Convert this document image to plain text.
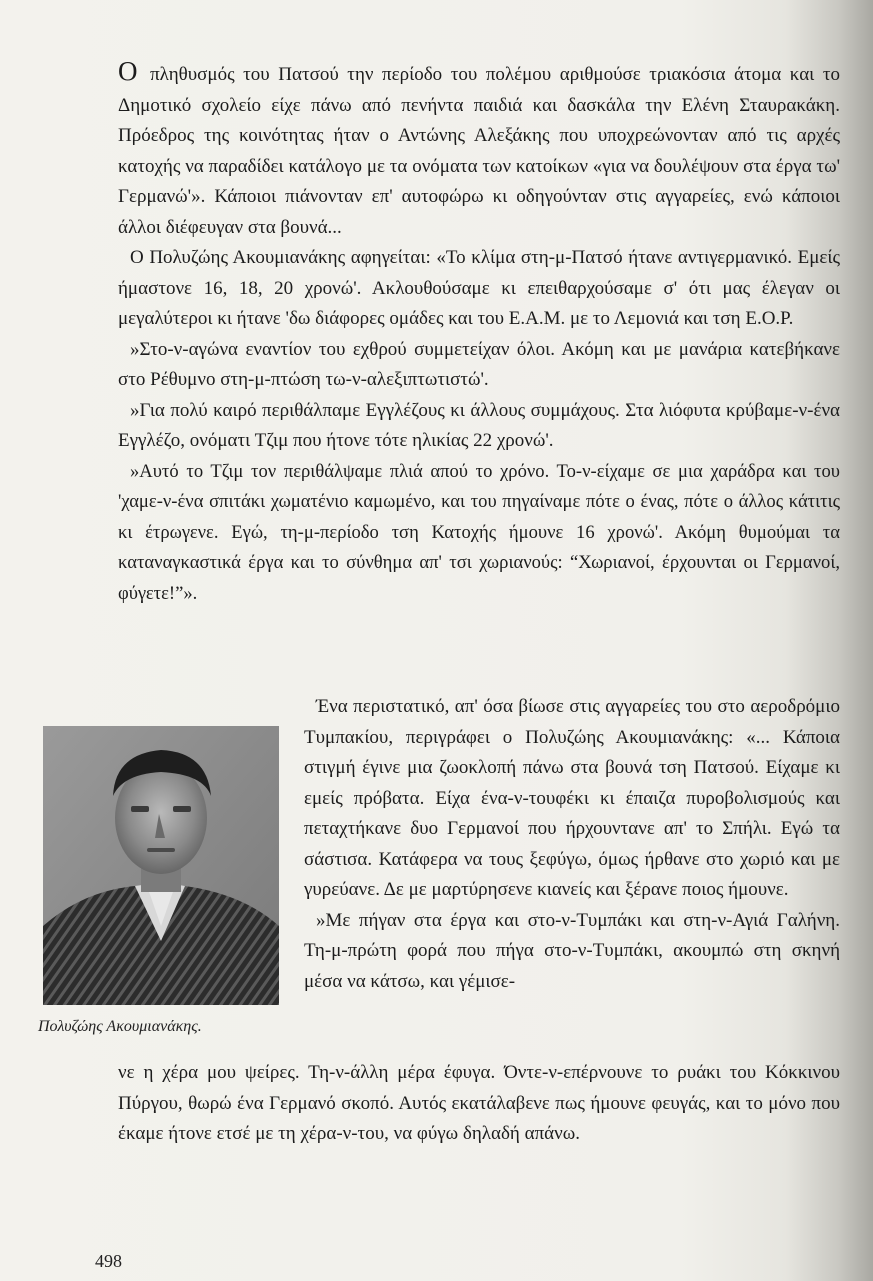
Ο πληθυσμός του Πατσού την περίοδο του πολέμου αριθμούσε τριακόσια άτομα και το Δημοτικό σχολείο είχε πάνω από πενήντα παιδιά και δασκάλα την Ελένη Σταυρακάκη. Πρόεδρος της κοινότητας ήταν ο Αντώνης Αλεξάκης που υποχρεώνονταν από τις αρχές κατοχής να παραδίδει κατάλογο με τα ονόματα των κατοίκων «για να δουλέψουν στα έργα τω' Γερμανώ'». Κάποιοι πιάνονταν επ' αυτοφώρω κι οδηγούνταν στις αγγαρείες, ενώ κάποιοι άλλοι διέφευγαν στα βουνά...

Ο Πολυζώης Ακουμιανάκης αφηγείται: «Το κλίμα στη-μ-Πατσό ήτανε αντιγερμανικό. Εμείς ήμαστονε 16, 18, 20 χρονώ'. Ακλουθούσαμε κι επειθαρχούσαμε σ' ότι μας έλεγαν οι μεγαλύτεροι κι ήτανε 'δω διάφορες ομάδες και του Ε.Α.Μ. με το Λεμονιά και τση Ε.Ο.Ρ.

»Στο-ν-αγώνα εναντίον του εχθρού συμμετείχαν όλοι. Ακόμη και με μανάρια κατεβήκανε στο Ρέθυμνο στη-μ-πτώση τω-ν-αλεξιπτωτιστώ'.

»Για πολύ καιρό περιθάλπαμε Εγγλέζους κι άλλους συμμάχους. Στα λιόφυτα κρύβαμε-ν-ένα Εγγλέζο, ονόματι Τζιμ που ήτονε τότε ηλικίας 22 χρονώ'.

»Αυτό το Τζιμ τον περιθάλψαμε πλιά απού το χρόνο. Το-ν-είχαμε σε μια χαράδρα και του 'χαμε-ν-ένα σπιτάκι χωματένιο καμωμένο, και του πηγαίναμε πότε ο ένας, πότε ο άλλος κάτιτις κι έτρωγενε. Εγώ, τη-μ-περίοδο τση Κατοχής ήμουνε 16 χρονώ'. Ακόμη θυμούμαι τα καταναγκαστικά έργα και το σύνθημα απ' τσι χωριανούς: “Χωριανοί, έρχουνται οι Γερμανοί, φύγετε!”».

Πολυζώης Ακουμιανάκης.

Ένα περιστατικό, απ' όσα βίωσε στις αγγαρείες του στο αεροδρόμιο Τυμπακίου, περιγράφει ο Πολυζώης Ακουμιανάκης: «... Κάποια στιγμή έγινε μια ζωοκλοπή πάνω στα βουνά τση Πατσού. Είχαμε κι εμείς πρόβατα. Είχα ένα-ν-τουφέκι κι έπαιζα πυροβολισμούς και πεταχτήκανε δυο Γερμανοί που ήρχουντανε απ' το Σπήλι. Εγώ τα σάστισα. Κατάφερα να τους ξεφύγω, όμως ήρθανε στο χωριό και με γυρεύανε. Δε με μαρτύρησενε κιανείς και ξέρανε ποιος ήμουνε.

»Με πήγαν στα έργα και στο-ν-Τυμπάκι και στη-ν-Αγιά Γαλήνη. Τη-μ-πρώτη φορά που πήγα στο-ν-Τυμπάκι, ακουμπώ στη σκηνή μέσα να κάτσω, και γέμισε-

νε η χέρα μου ψείρες. Τη-ν-άλλη μέρα έφυγα. Όντε-ν-επέρνουνε το ρυάκι του Κόκκινου Πύργου, θωρώ ένα Γερμανό σκοπό. Αυτός εκατάλαβενε πως ήμουνε φευγάς, και το μόνο που έκαμε ήτονε ετσέ με τη χέρα-ν-του, να φύγω δηλαδή απάνω.

498
